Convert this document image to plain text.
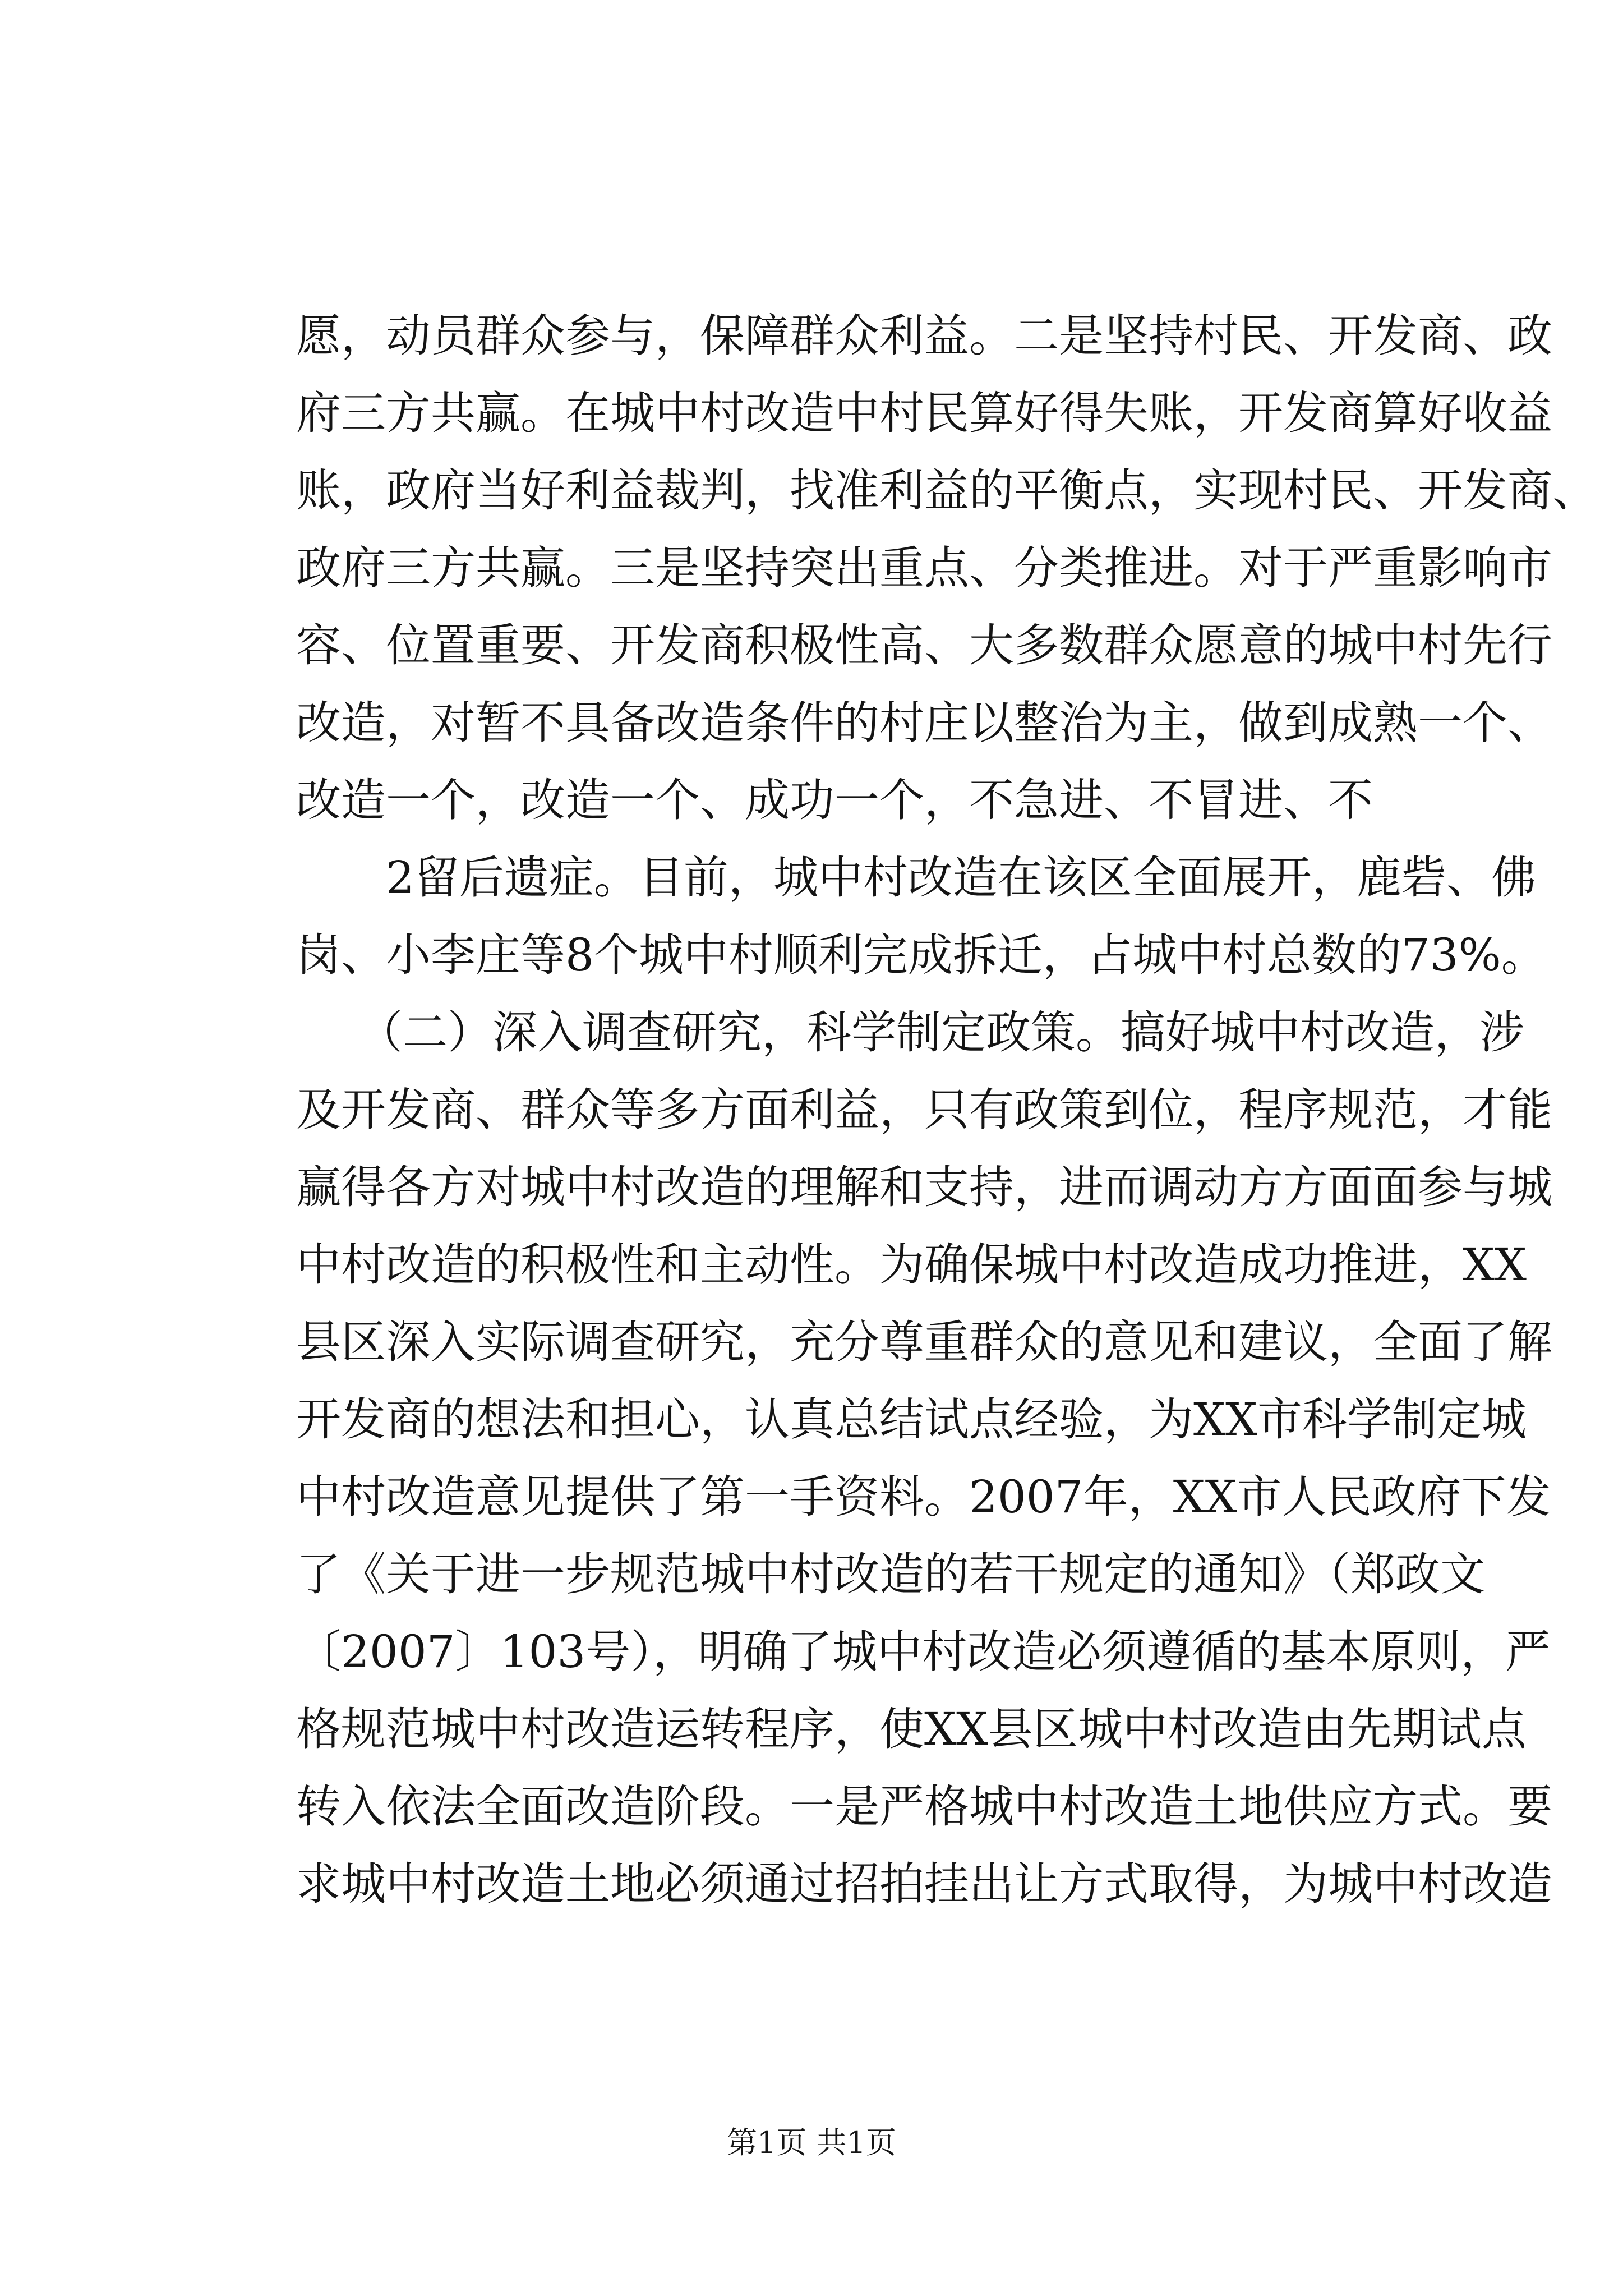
愿，动员群众参与，保障群众利益。二是坚持村民、开发商、政
府三方共赢。在城中村改造中村民算好得失账，开发商算好收益
账，政府当好利益裁判，找准利益的平衡点，实现村民、开发商、
政府三方共赢。三是坚持突出重点、分类推进。对于严重影响市
容、位置重要、开发商积极性高、大多数群众愿意的城中村先行
改造，对暂不具备改造条件的村庄以整治为主，做到成熟一个、
改造一个，改造一个、成功一个，不急进、不冒进、不
2留后遗症。目前，城中村改造在该区全面展开，鹿砦、佛
岗、小李庄等8个城中村顺利完成拆迁，占城中村总数的73%。
（二）深入调查研究，科学制定政策。搞好城中村改造，涉
及开发商、群众等多方面利益，只有政策到位，程序规范，才能
赢得各方对城中村改造的理解和支持，进而调动方方面面参与城
中村改造的积极性和主动性。为确保城中村改造成功推进，XX
县区深入实际调查研究，充分尊重群众的意见和建议，全面了解
开发商的想法和担心，认真总结试点经验，为XX市科学制定城
中村改造意见提供了第一手资料。2007年，XX市人民政府下发
了《关于进一步规范城中村改造的若干规定的通知》（郑政文
〔2007〕103号），明确了城中村改造必须遵循的基本原则，严
格规范城中村改造运转程序，使XX县区城中村改造由先期试点
转入依法全面改造阶段。一是严格城中村改造土地供应方式。要
求城中村改造土地必须通过招拍挂出让方式取得，为城中村改造
第1页 共1页
